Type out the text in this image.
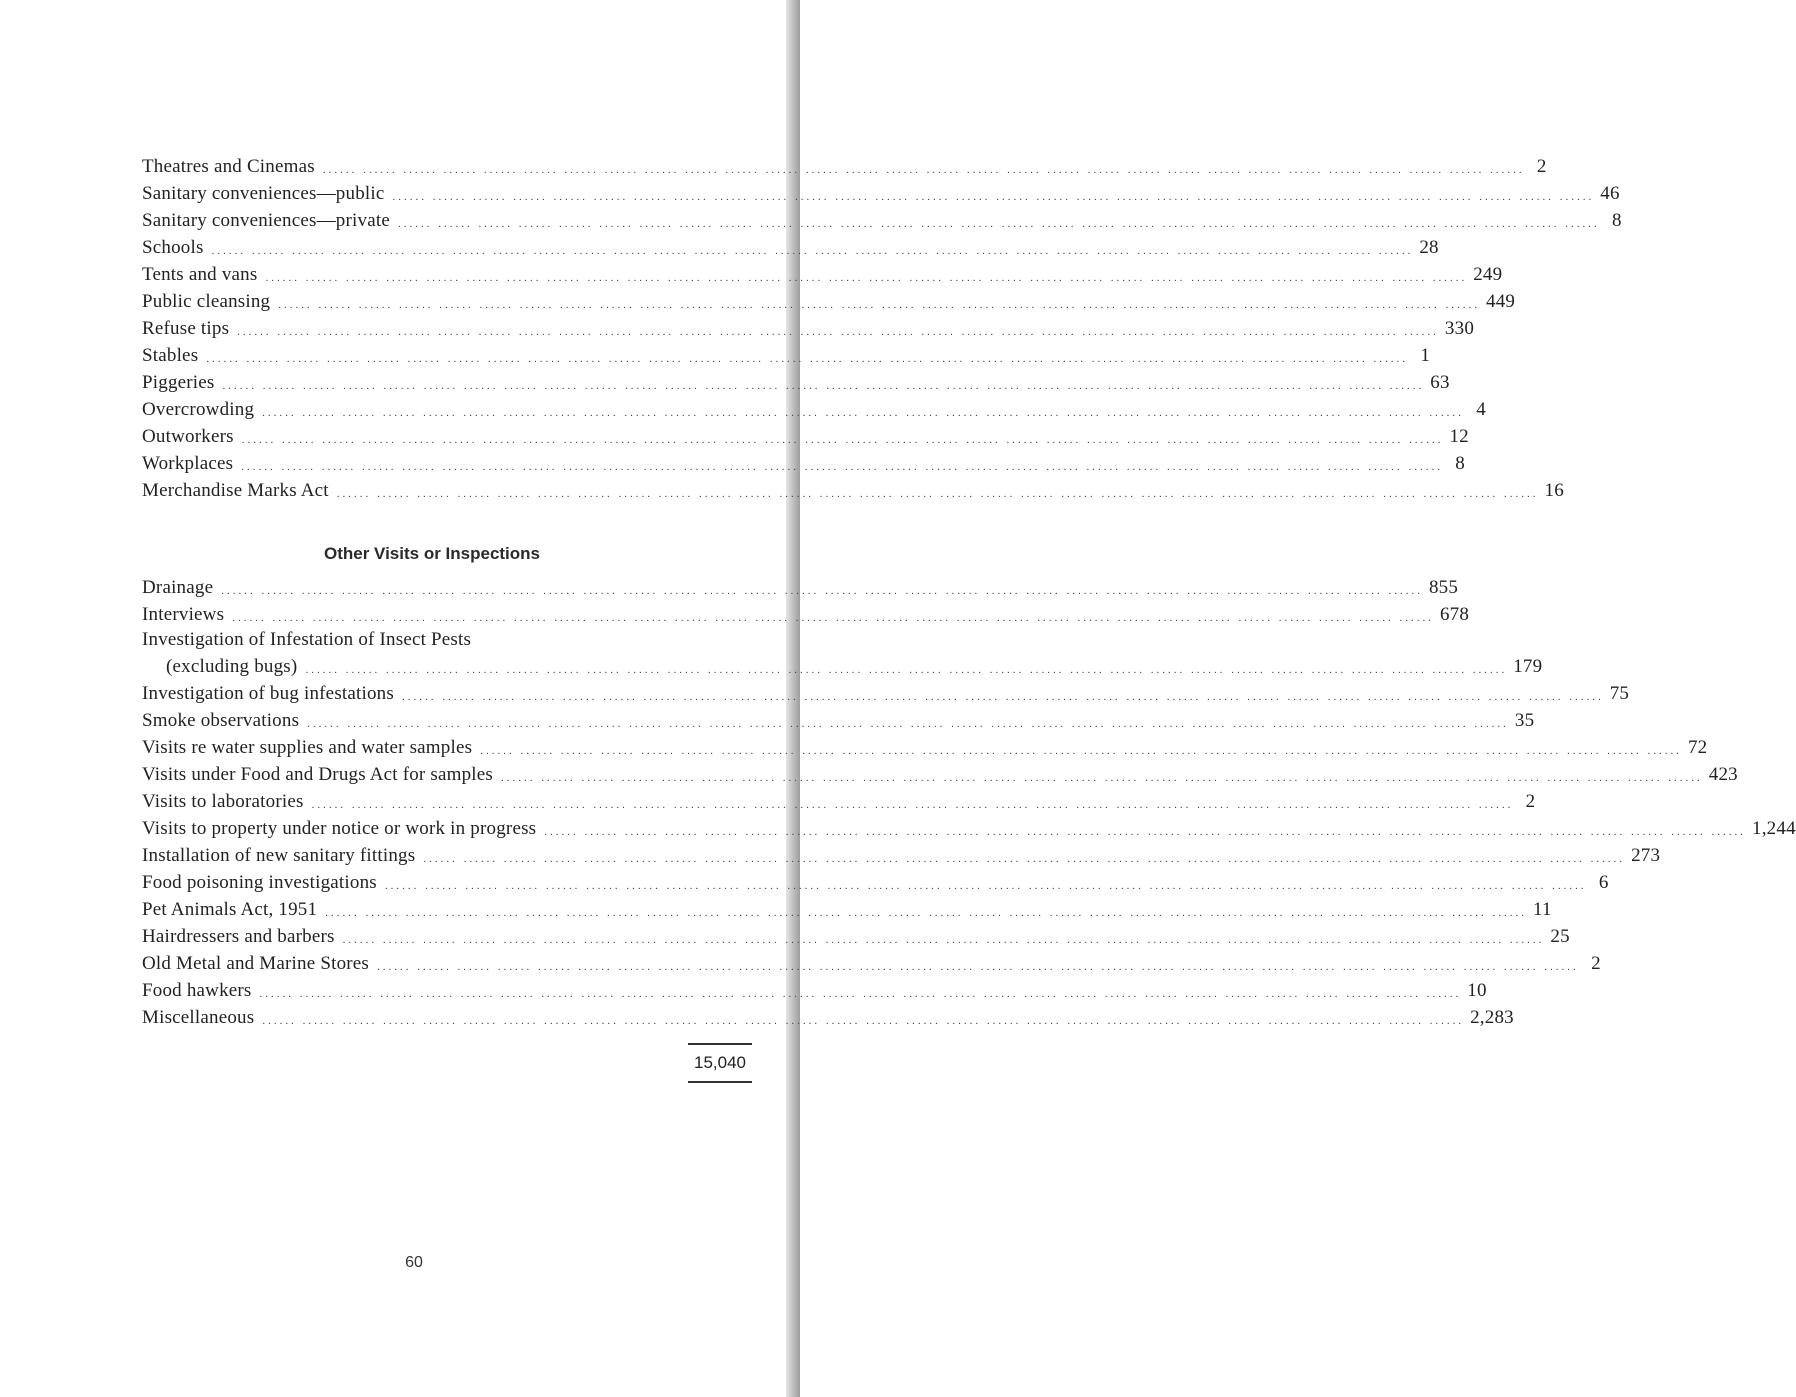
Theatres and Cinemas ...... ...... ...... ...... ...... ...... ...... ...... ...... ...... ...... ...... ...... ...... ...... ...... ...... ...... ...... ...... ...... ...... ...... ...... ...... ...... ...... ...... ...... ...... 2
Sanitary conveniences—public ...... ...... ...... ...... ...... ...... ...... ...... ...... ...... ...... ...... ...... ...... ...... ...... ...... ...... ...... ...... ...... ...... ...... ...... ...... ...... ...... ...... ...... ...... 46
Sanitary conveniences—private ...... ...... ...... ...... ...... ...... ...... ...... ...... ...... ...... ...... ...... ...... ...... ...... ...... ...... ...... ...... ...... ...... ...... ...... ...... ...... ...... ...... ...... ...... 8
Schools ...... ...... ...... ...... ...... ...... ...... ...... ...... ...... ...... ...... ...... ...... ...... ...... ...... ...... ...... ...... ...... ...... ...... ...... ...... ...... ...... ...... ...... ...... 28
Tents and vans ...... ...... ...... ...... ...... ...... ...... ...... ...... ...... ...... ...... ...... ...... ...... ...... ...... ...... ...... ...... ...... ...... ...... ...... ...... ...... ...... ...... ...... ...... 249
Public cleansing ...... ...... ...... ...... ...... ...... ...... ...... ...... ...... ...... ...... ...... ...... ...... ...... ...... ...... ...... ...... ...... ...... ...... ...... ...... ...... ...... ...... ...... ...... 449
Refuse tips ...... ...... ...... ...... ...... ...... ...... ...... ...... ...... ...... ...... ...... ...... ...... ...... ...... ...... ...... ...... ...... ...... ...... ...... ...... ...... ...... ...... ...... ...... 330
Stables ...... ...... ...... ...... ...... ...... ...... ...... ...... ...... ...... ...... ...... ...... ...... ...... ...... ...... ...... ...... ...... ...... ...... ...... ...... ...... ...... ...... ...... ...... 1
Piggeries ...... ...... ...... ...... ...... ...... ...... ...... ...... ...... ...... ...... ...... ...... ...... ...... ...... ...... ...... ...... ...... ...... ...... ...... ...... ...... ...... ...... ...... ...... 63
Overcrowding ...... ...... ...... ...... ...... ...... ...... ...... ...... ...... ...... ...... ...... ...... ...... ...... ...... ...... ...... ...... ...... ...... ...... ...... ...... ...... ...... ...... ...... ...... 4
Outworkers ...... ...... ...... ...... ...... ...... ...... ...... ...... ...... ...... ...... ...... ...... ...... ...... ...... ...... ...... ...... ...... ...... ...... ...... ...... ...... ...... ...... ...... ...... 12
Workplaces ...... ...... ...... ...... ...... ...... ...... ...... ...... ...... ...... ...... ...... ...... ...... ...... ...... ...... ...... ...... ...... ...... ...... ...... ...... ...... ...... ...... ...... ...... 8
Merchandise Marks Act ...... ...... ...... ...... ...... ...... ...... ...... ...... ...... ...... ...... ...... ...... ...... ...... ...... ...... ...... ...... ...... ...... ...... ...... ...... ...... ...... ...... ...... ...... 16
Other Visits or Inspections
Drainage ...... ...... ...... ...... ...... ...... ...... ...... ...... ...... ...... ...... ...... ...... ...... ...... ...... ...... ...... ...... ...... ...... ...... ...... ...... ...... ...... ...... ...... ...... 855
Interviews ...... ...... ...... ...... ...... ...... ...... ...... ...... ...... ...... ...... ...... ...... ...... ...... ...... ...... ...... ...... ...... ...... ...... ...... ...... ...... ...... ...... ...... ...... 678
Investigation of Infestation of Insect Pests
(excluding bugs) ...... ...... ...... ...... ...... ...... ...... ...... ...... ...... ...... ...... ...... ...... ...... ...... ...... ...... ...... ...... ...... ...... ...... ...... ...... ...... ...... ...... ...... ...... 179
Investigation of bug infestations ...... ...... ...... ...... ...... ...... ...... ...... ...... ...... ...... ...... ...... ...... ...... ...... ...... ...... ...... ...... ...... ...... ...... ...... ...... ...... ...... ...... ...... ...... 75
Smoke observations ...... ...... ...... ...... ...... ...... ...... ...... ...... ...... ...... ...... ...... ...... ...... ...... ...... ...... ...... ...... ...... ...... ...... ...... ...... ...... ...... ...... ...... ...... 35
Visits re water supplies and water samples ...... ...... ...... ...... ...... ...... ...... ...... ...... ...... ...... ...... ...... ...... ...... ...... ...... ...... ...... ...... ...... ...... ...... ...... ...... ...... ...... ...... ...... ...... 72
Visits under Food and Drugs Act for samples ...... ...... ...... ...... ...... ...... ...... ...... ...... ...... ...... ...... ...... ...... ...... ...... ...... ...... ...... ...... ...... ...... ...... ...... ...... ...... ...... ...... ...... ...... 423
Visits to laboratories ...... ...... ...... ...... ...... ...... ...... ...... ...... ...... ...... ...... ...... ...... ...... ...... ...... ...... ...... ...... ...... ...... ...... ...... ...... ...... ...... ...... ...... ...... 2
Visits to property under notice or work in progress ...... ...... ...... ...... ...... ...... ...... ...... ...... ...... ...... ...... ...... ...... ...... ...... ...... ...... ...... ...... ...... ...... ...... ...... ...... ...... ...... ...... ...... ...... 1,244
Installation of new sanitary fittings ...... ...... ...... ...... ...... ...... ...... ...... ...... ...... ...... ...... ...... ...... ...... ...... ...... ...... ...... ...... ...... ...... ...... ...... ...... ...... ...... ...... ...... ...... 273
Food poisoning investigations ...... ...... ...... ...... ...... ...... ...... ...... ...... ...... ...... ...... ...... ...... ...... ...... ...... ...... ...... ...... ...... ...... ...... ...... ...... ...... ...... ...... ...... ...... 6
Pet Animals Act, 1951 ...... ...... ...... ...... ...... ...... ...... ...... ...... ...... ...... ...... ...... ...... ...... ...... ...... ...... ...... ...... ...... ...... ...... ...... ...... ...... ...... ...... ...... ...... 11
Hairdressers and barbers ...... ...... ...... ...... ...... ...... ...... ...... ...... ...... ...... ...... ...... ...... ...... ...... ...... ...... ...... ...... ...... ...... ...... ...... ...... ...... ...... ...... ...... ...... 25
Old Metal and Marine Stores ...... ...... ...... ...... ...... ...... ...... ...... ...... ...... ...... ...... ...... ...... ...... ...... ...... ...... ...... ...... ...... ...... ...... ...... ...... ...... ...... ...... ...... ...... 2
Food hawkers ...... ...... ...... ...... ...... ...... ...... ...... ...... ...... ...... ...... ...... ...... ...... ...... ...... ...... ...... ...... ...... ...... ...... ...... ...... ...... ...... ...... ...... ...... 10
Miscellaneous ...... ...... ...... ...... ...... ...... ...... ...... ...... ...... ...... ...... ...... ...... ...... ...... ...... ...... ...... ...... ...... ...... ...... ...... ...... ...... ...... ...... ...... ...... 2,283
15,040
60
